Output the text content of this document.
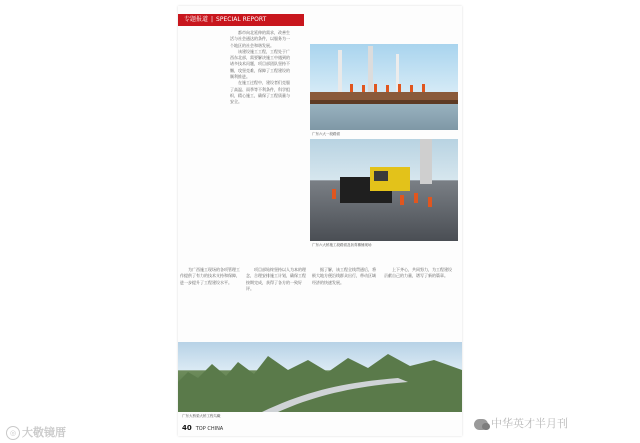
专题报道 | SPECIAL REPORT

都市向北延伸的需求，改善生活与社会通达的条件，以服务为一个地区的社会和谐发展。

该建设施工工程，工程处于广西东北部，需要解决施工中遇到的诸多技术问题，项目部团队坚持不懈，攻坚克难，保障了工程建设的顺利推进。

在施工过程中，建设者们克服了高温、雨季等不利条件，科学组织，精心施工，确保了工程质量与安全。

广东六大一段路面
广东六大桥施工段路面及沥青摊铺现场

为广西施工现场的各项管理工作提供了有力的技术支持和保障，进一步提升了工程建设水平。

项目部始终坚持以人为本的理念，合理安排施工计划，确保工程按期完成，获得了各方的一致好评。

据了解，该工程全线贯通后，将极大地方便沿线群众出行，带动区域经济的快速发展。

上下齐心，共同努力，为工程建设贡献自己的力量，谱写了新的篇章。

广东大桥梁大桥工程鸟瞰
40 TOP CHINA
◎ 大敬镜厝
中华英才半月刊
